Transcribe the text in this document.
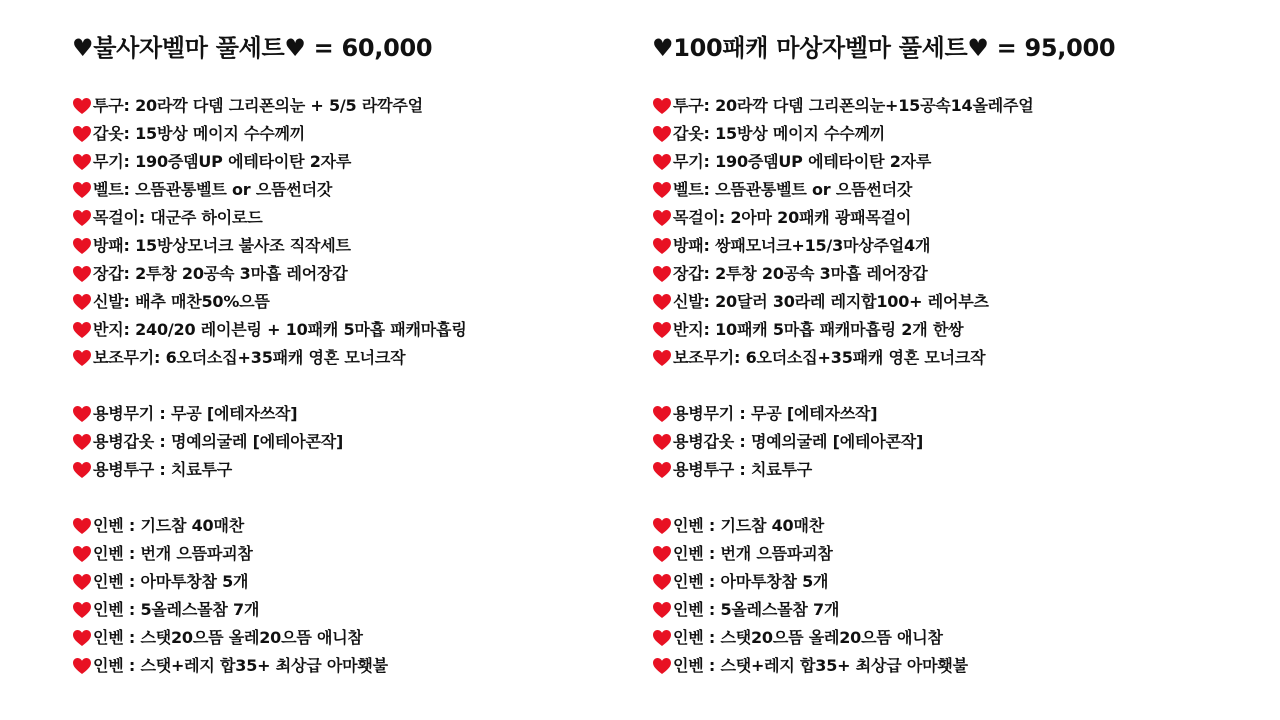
♥불사자벨마 풀세트♥ = 60,000
투구: 20라깍 다뎀 그리폰의눈 + 5/5 라깍주얼
갑옷: 15방상 메이지 수수께끼
무기: 190증뎀UP 에테타이탄 2자루
벨트: 으뜸관통벨트 or 으뜸썬더갓
목걸이: 대군주 하이로드
방패: 15방상모너크 불사조 직작세트
장갑: 2투창 20공속 3마흡 레어장갑
신발: 배추 매찬50%으뜸
반지: 240/20 레이븐링 + 10패캐 5마흡 패캐마흡링
보조무기: 6오더소집+35패캐 영혼 모너크작
용병무기 : 무공 [에테자쓰작]
용병갑옷 : 명예의굴레 [에테아콘작]
용병투구 : 치료투구
인벤 : 기드참 40매찬
인벤 : 번개 으뜸파괴참
인벤 : 아마투창참 5개
인벤 : 5올레스몰참 7개
인벤 : 스탯20으뜸 올레20으뜸 애니참
인벤 : 스탯+레지 합35+ 최상급 아마횃불
♥100패캐 마상자벨마 풀세트♥ = 95,000
투구: 20라깍 다뎀 그리폰의눈+15공속14올레주얼
갑옷: 15방상 메이지 수수께끼
무기: 190증뎀UP 에테타이탄 2자루
벨트: 으뜸관통벨트 or 으뜸썬더갓
목걸이: 2아마 20패캐 광패목걸이
방패: 쌍패모너크+15/3마상주얼4개
장갑: 2투창 20공속 3마흡 레어장갑
신발: 20달러 30라레 레지합100+ 레어부츠
반지: 10패캐 5마흡 패캐마흡링 2개 한쌍
보조무기: 6오더소집+35패캐 영혼 모너크작
용병무기 : 무공 [에테자쓰작]
용병갑옷 : 명예의굴레 [에테아콘작]
용병투구 : 치료투구
인벤 : 기드참 40매찬
인벤 : 번개 으뜸파괴참
인벤 : 아마투창참 5개
인벤 : 5올레스몰참 7개
인벤 : 스탯20으뜸 올레20으뜸 애니참
인벤 : 스탯+레지 합35+ 최상급 아마횃불
